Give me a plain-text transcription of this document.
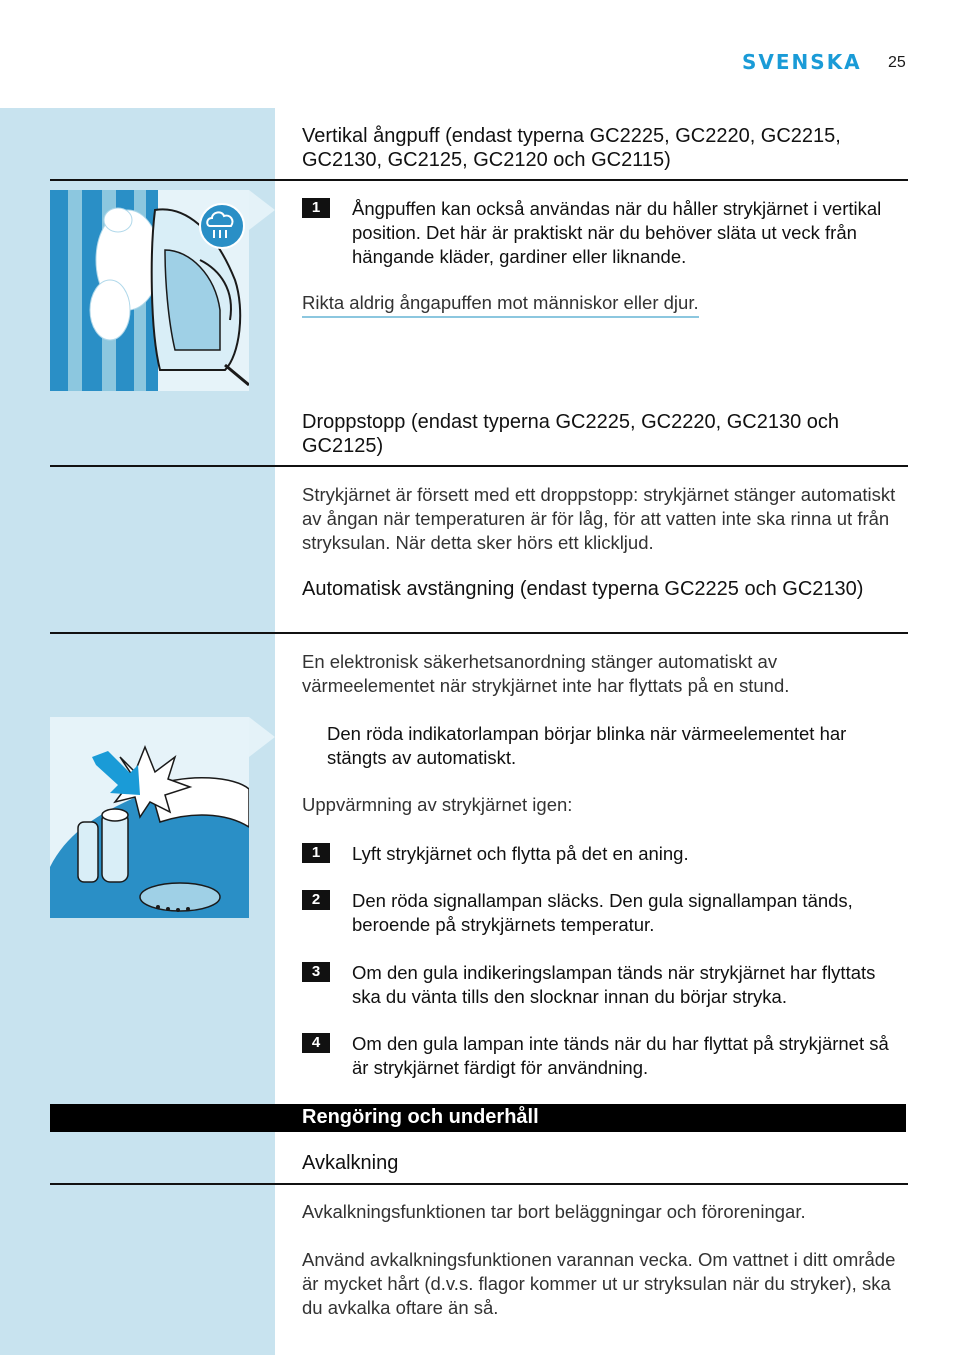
SVENSKA 25
Vertikal ångpuff (endast typerna GC2225, GC2220, GC2215, GC2130, GC2125, GC2120 och GC2115)
1	Ångpuffen kan också användas när du håller strykjärnet i vertikal position. Det här är praktiskt när du behöver släta ut veck från hängande kläder, gardiner eller liknande.
Rikta aldrig ångapuffen mot människor eller djur.
Droppstopp (endast typerna GC2225, GC2220, GC2130 och GC2125)
Strykjärnet är försett med ett droppstopp: strykjärnet stänger automatiskt av ångan när temperaturen är för låg, för att vatten inte ska rinna ut från stryksulan. När detta sker hörs ett klickljud.
Automatisk avstängning (endast typerna GC2225 och GC2130)
En elektronisk säkerhetsanordning stänger automatiskt av värmeelementet när strykjärnet inte har flyttats på en stund.
Den röda indikatorlampan börjar blinka när värmeelementet har stängts av automatiskt.
Uppvärmning av strykjärnet igen:
1	Lyft strykjärnet och flytta på det en aning.
2	Den röda signallampan släcks. Den gula signallampan tänds, beroende på strykjärnets temperatur.
3	Om den gula indikeringslampan tänds när strykjärnet har flyttats ska du vänta tills den slocknar innan du börjar stryka.
4	Om den gula lampan inte tänds när du har flyttat på strykjärnet så är strykjärnet färdigt för användning.
Rengöring och underhåll
Avkalkning
Avkalkningsfunktionen tar bort beläggningar och föroreningar.
Använd avkalkningsfunktionen varannan vecka. Om vattnet i ditt område är mycket hårt (d.v.s. flagor kommer ut ur stryksulan när du stryker), ska du avkalka oftare än så.
